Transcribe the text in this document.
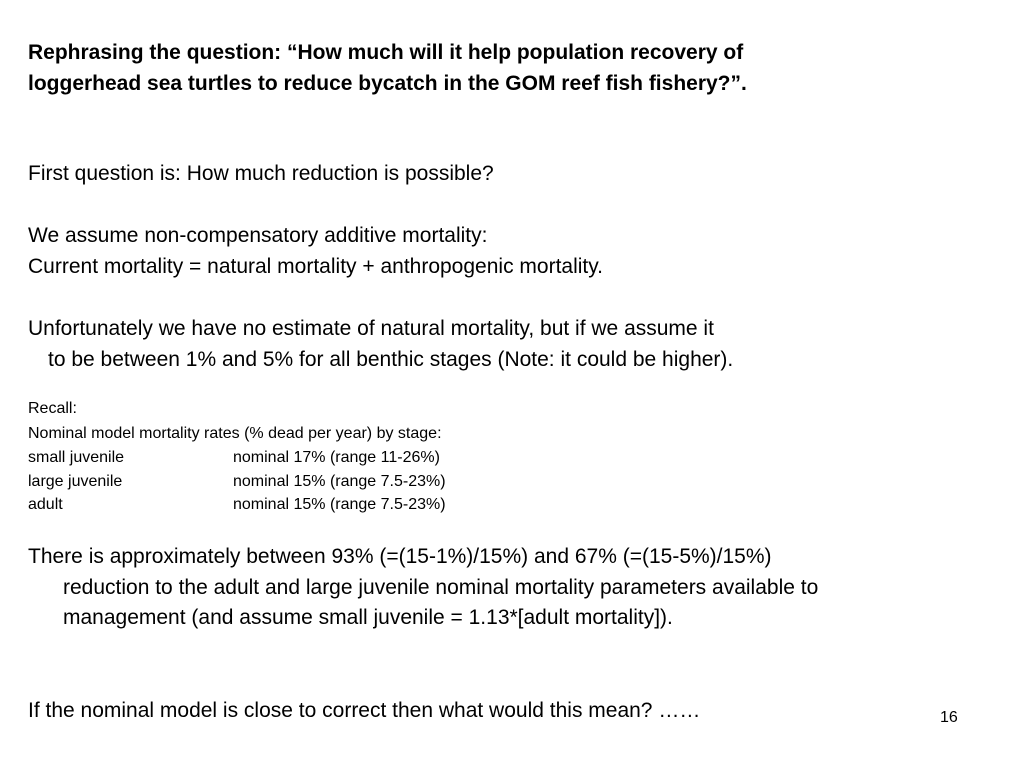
Rephrasing the question: “How much will it help population recovery of
loggerhead sea turtles to reduce bycatch in the GOM reef fish fishery?”.
First question is: How much reduction is possible?
We assume non-compensatory additive mortality:
Current mortality = natural mortality + anthropogenic mortality.
Unfortunately we have no estimate of natural mortality, but if we assume it
to be between 1% and 5% for all benthic stages (Note: it could be higher).
Recall:
Nominal model mortality rates (% dead per year) by stage:
small juvenile	nominal 17% (range 11-26%)
large juvenile	nominal 15% (range 7.5-23%)
adult	nominal 15% (range 7.5-23%)
There is approximately between 93% (=(15-1%)/15%) and 67% (=(15-5%)/15%)
reduction to the adult and large juvenile nominal mortality parameters available to
management (and assume small juvenile = 1.13*[adult mortality]).
If the nominal model is close to correct then what would this mean? ……	16
